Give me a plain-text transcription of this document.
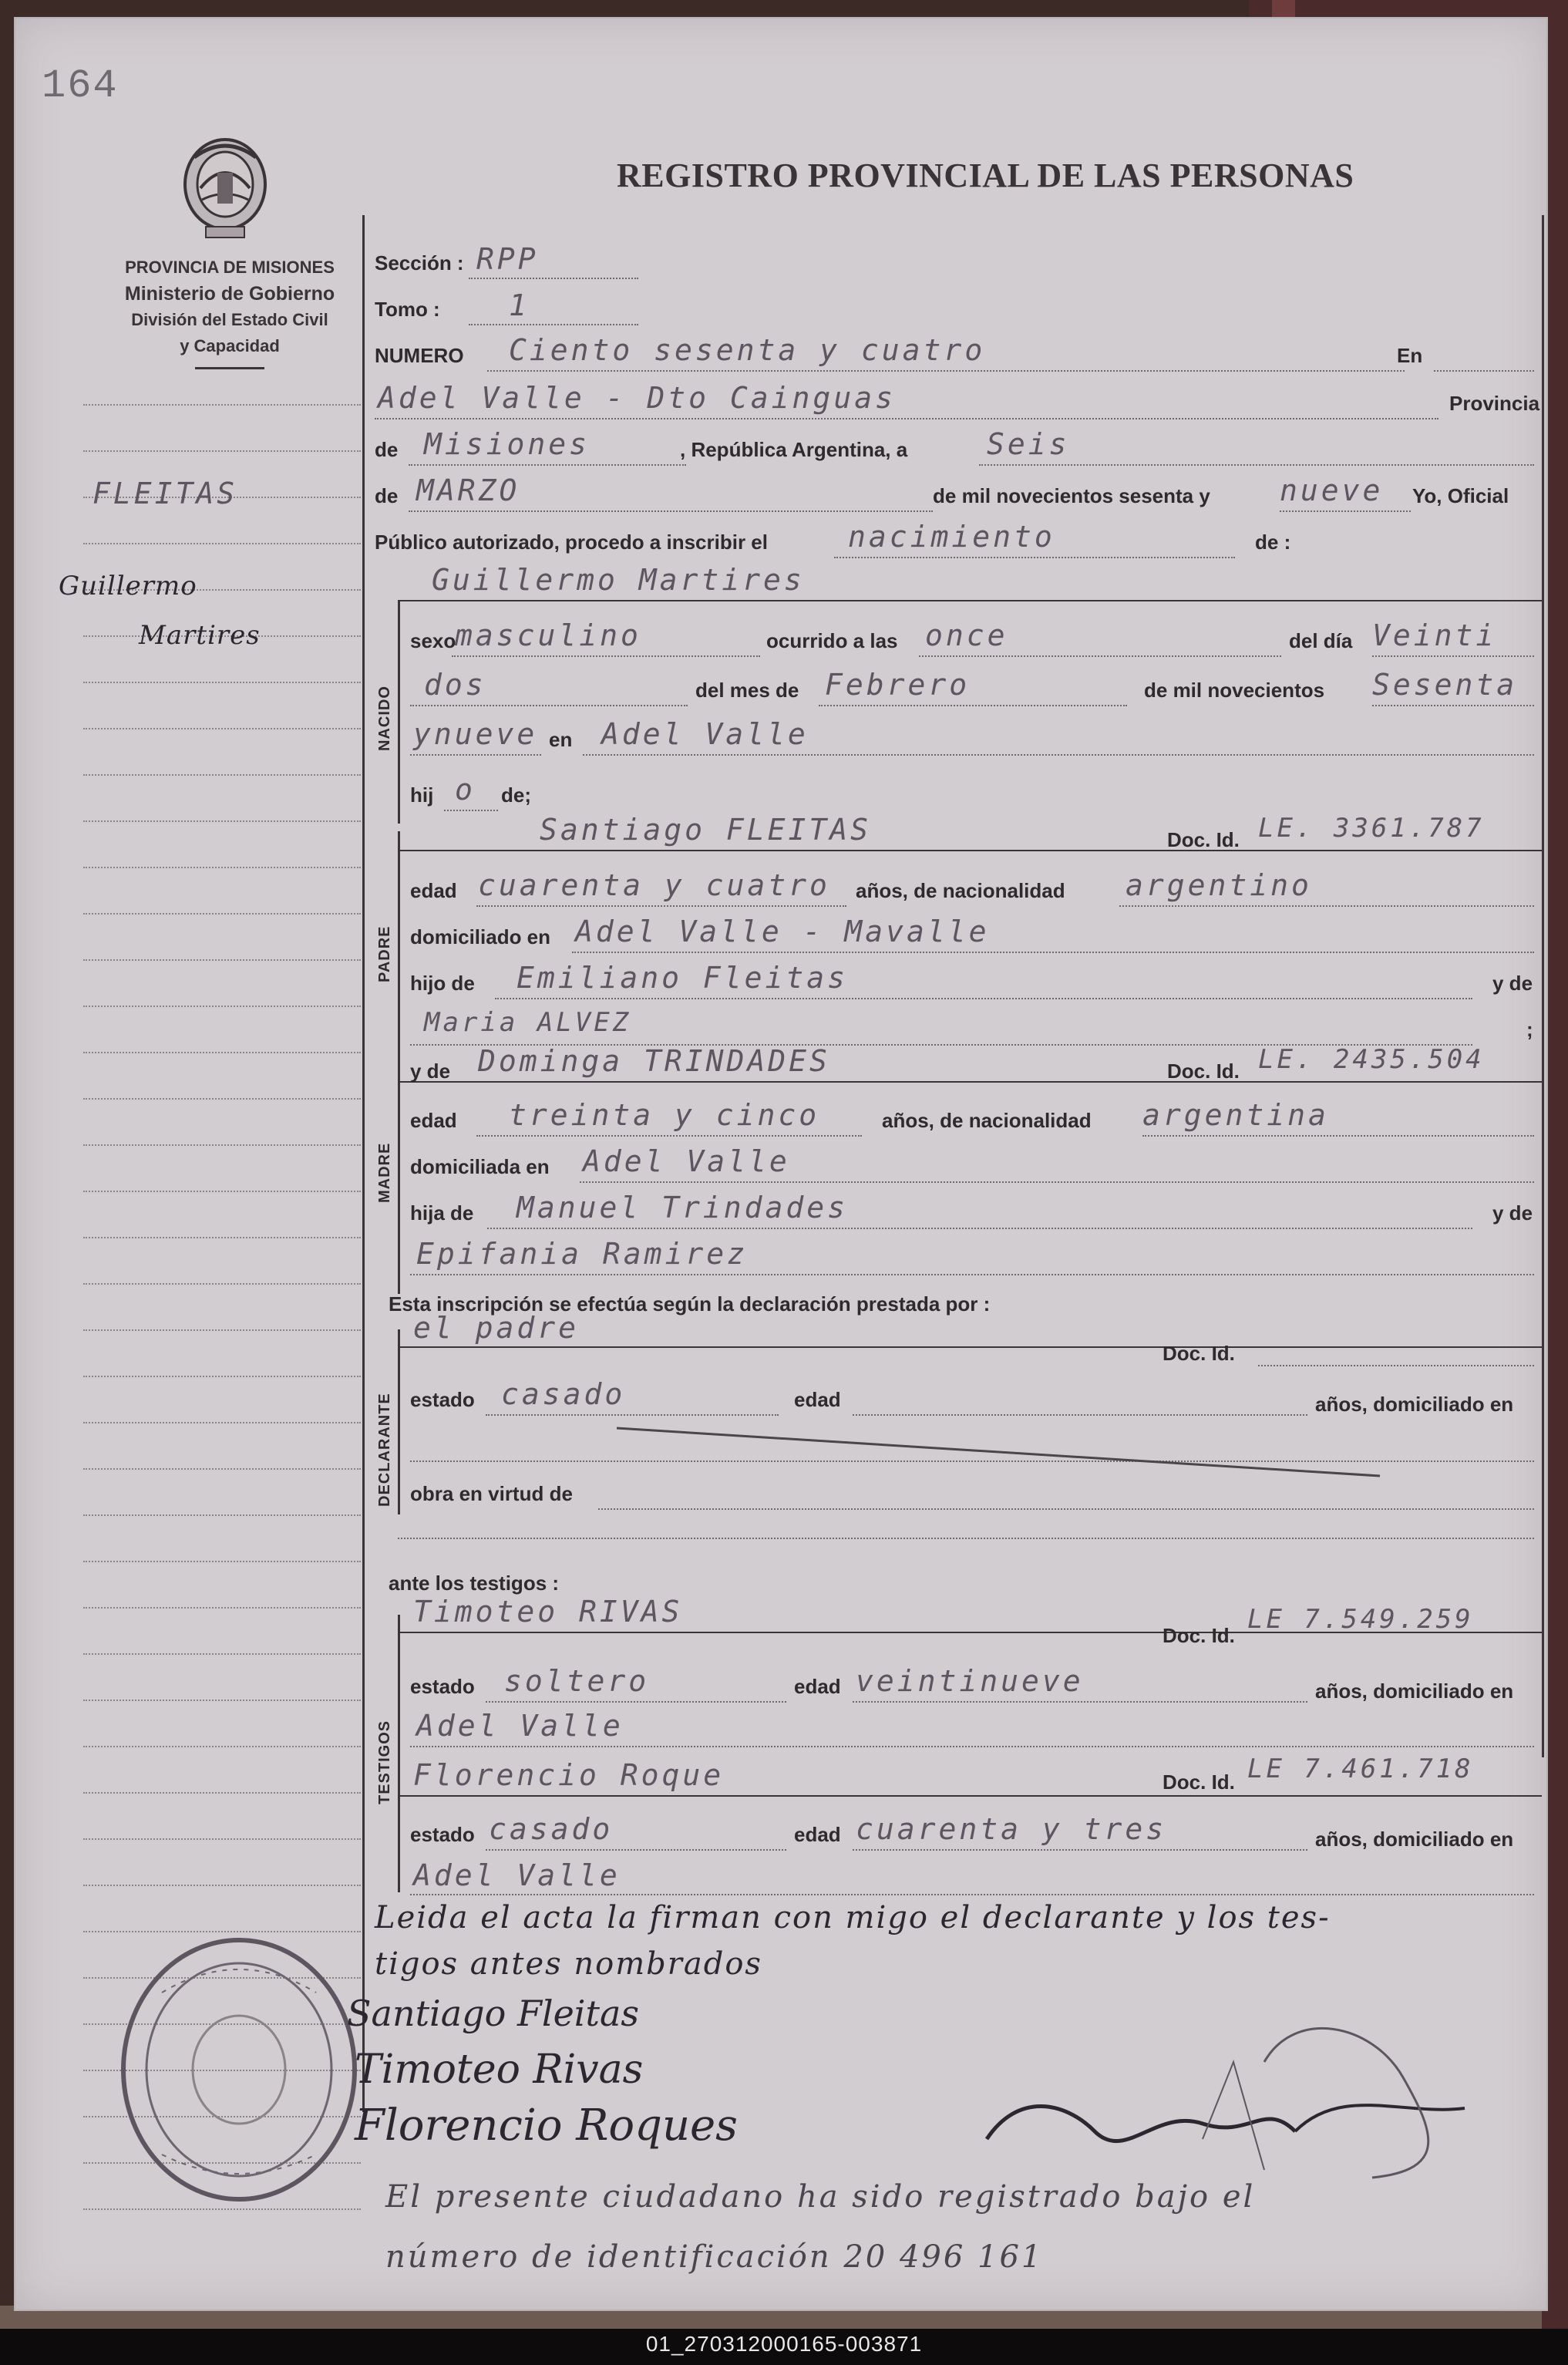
164
REGISTRO PROVINCIAL DE LAS PERSONAS
PROVINCIA DE MISIONES
Ministerio de Gobierno
División del Estado Civil
y Capacidad
FLEITAS
Guillermo
Martires
Sección : RPP
Tomo : 1
NUMERO Ciento sesenta y cuatro	En
Adel Valle - Dto Cainguas	Provincia
de Misiones	, República Argentina, a	Seis
de MARZO	de mil novecientos sesenta y nueve Yo, Oficial
Público autorizado, procedo a inscribir el	nacimiento	de :
Guillermo Martires
NACIDO
sexo
masculino	ocurrido a las once	del día Veinti
dos	del mes de Febrero	de mil novecientos Sesenta
ynueve en Adel Valle
hij o de;
Santiago FLEITAS	Doc. Id. LE. 3361.787
PADRE
edad cuarenta y cuatro años, de nacionalidad argentino
domiciliado en Adel Valle - Mavalle
hijo de Emiliano Fleitas	y de
Maria ALVEZ	;
y de Dominga TRINDADES	Doc. Id. LE. 2435.504
MADRE
edad treinta y cinco	años, de nacionalidad argentina
domiciliada en Adel Valle
hija de Manuel Trindades	y de
Epifania Ramirez
Esta inscripción se efectúa según la declaración prestada por :
el padre
Doc. Id.
DECLARANTE estado casado	edad	años, domiciliado en
obra en virtud de
ante los testigos :
Timoteo RIVAS
Doc. Id.
LE 7.549.259
TESTIGOS
estado soltero	edad veintinueve	años, domiciliado en
Adel Valle
Florencio Roque	Doc. Id. LE 7.461.718
estado casado	edad cuarenta y tres	años, domiciliado en
Adel Valle
Leida el acta la firman con migo el declarante y los tes-
tigos antes nombrados
Santiago Fleitas
Timoteo Rivas
Florencio Roques
El presente ciudadano ha sido registrado bajo el
número de identificación 20 496 161
01_270312000165-003871
